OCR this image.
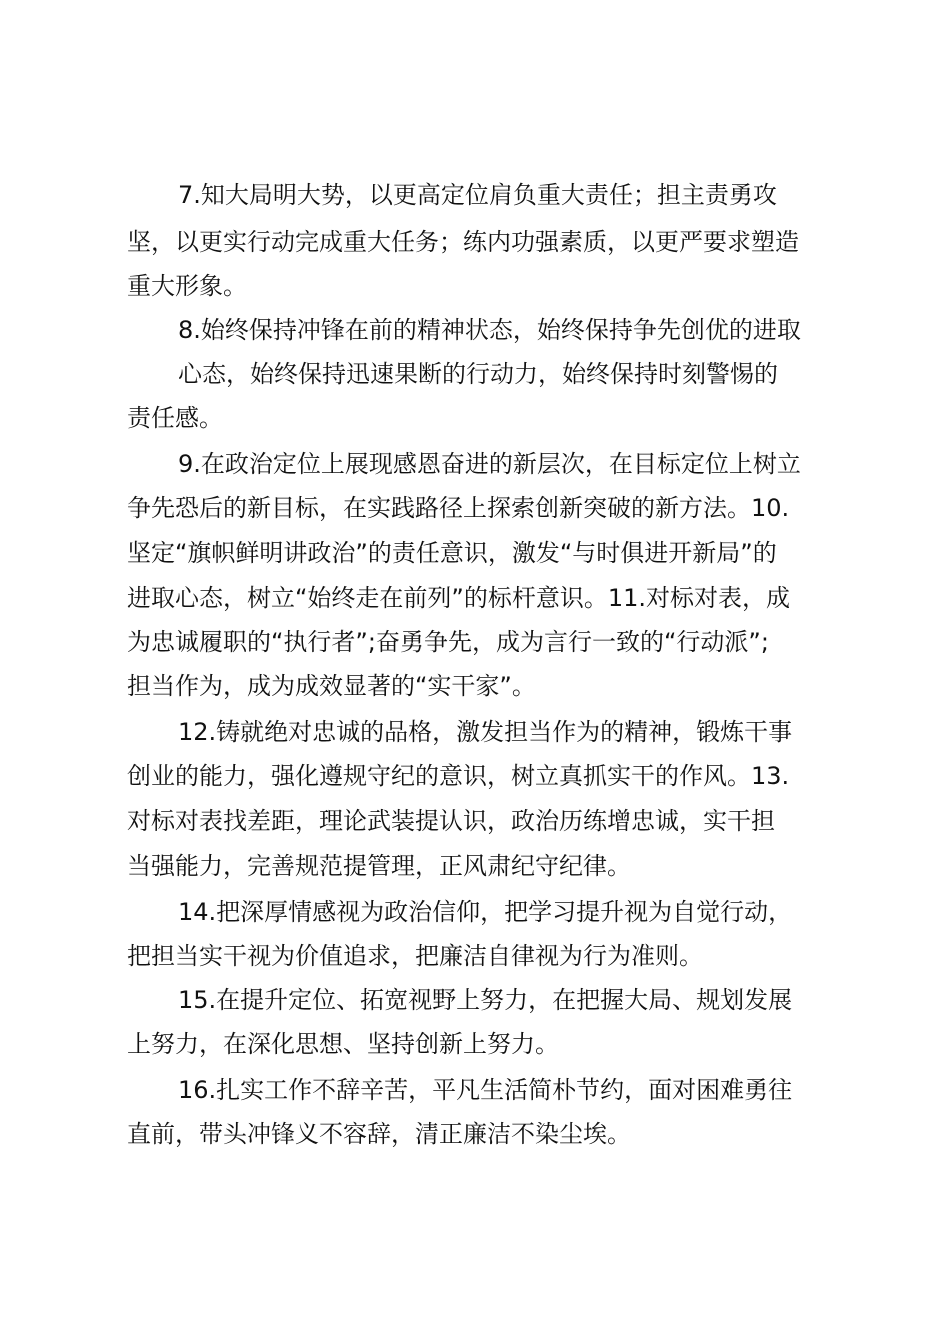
7.知大局明大势，以更高定位肩负重大责任；担主责勇攻
坚，以更实行动完成重大任务；练内功强素质，以更严要求塑造
重大形象。
8.始终保持冲锋在前的精神状态，始终保持争先创优的进取
心态，始终保持迅速果断的行动力，始终保持时刻警惕的
责任感。
9.在政治定位上展现感恩奋进的新层次，在目标定位上树立
争先恐后的新目标，在实践路径上探索创新突破的新方法。10.
坚定“旗帜鲜明讲政治”的责任意识，激发“与时俱进开新局”的
进取心态，树立“始终走在前列”的标杆意识。11.对标对表，成
为忠诚履职的“执行者”;奋勇争先，成为言行一致的“行动派”;
担当作为，成为成效显著的“实干家”。
12.铸就绝对忠诚的品格，激发担当作为的精神，锻炼干事
创业的能力，强化遵规守纪的意识，树立真抓实干的作风。13.
对标对表找差距，理论武装提认识，政治历练增忠诚，实干担
当强能力，完善规范提管理，正风肃纪守纪律。
14.把深厚情感视为政治信仰，把学习提升视为自觉行动，
把担当实干视为价值追求，把廉洁自律视为行为准则。
15.在提升定位、拓宽视野上努力，在把握大局、规划发展
上努力，在深化思想、坚持创新上努力。
16.扎实工作不辞辛苦，平凡生活简朴节约，面对困难勇往
直前，带头冲锋义不容辞，清正廉洁不染尘埃。
